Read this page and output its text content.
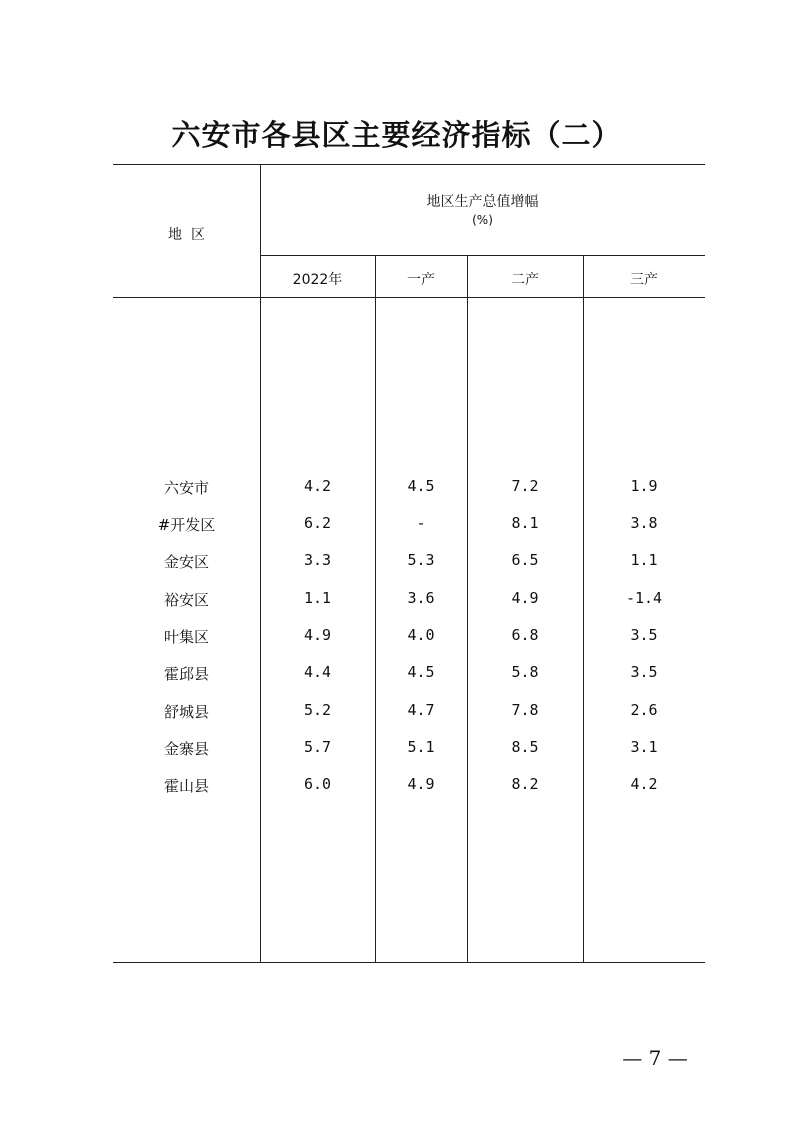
六安市各县区主要经济指标（二）
地  区
地区生产总值增幅
(%)
2022年	一产	二产	三产
六安市	4.2	4.5	7.2	1.9
#开发区	6.2	-	8.1	3.8
金安区	3.3	5.3	6.5	1.1
裕安区	1.1	3.6	4.9	-1.4
叶集区	4.9	4.0	6.8	3.5
霍邱县	4.4	4.5	5.8	3.5
舒城县	5.2	4.7	7.8	2.6
金寨县	5.7	5.1	8.5	3.1
霍山县	6.0	4.9	8.2	4.2
— 7 —
